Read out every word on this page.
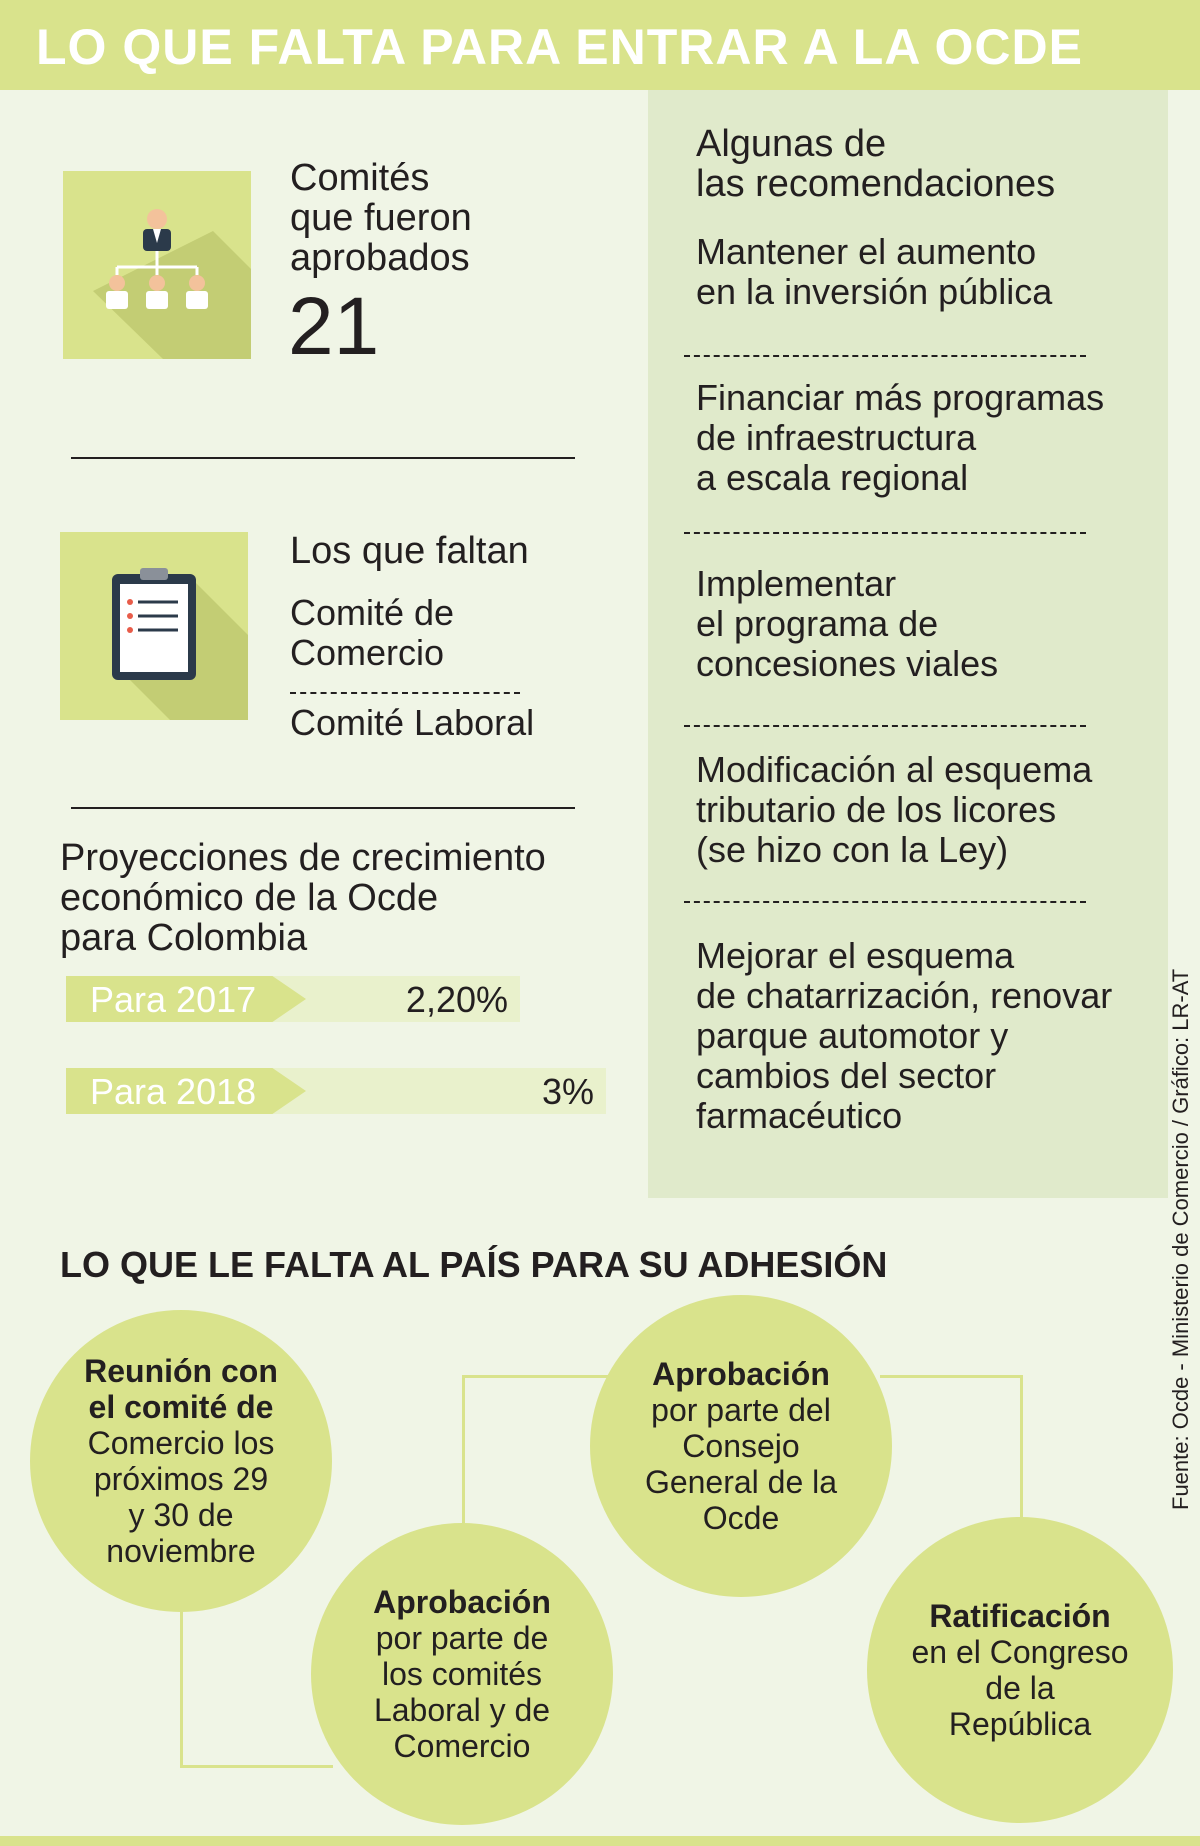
LO QUE FALTA PARA ENTRAR A LA OCDE
Comités
que fueron
aprobados
21
Los que faltan
Comité de
Comercio
Comité Laboral
Proyecciones de crecimiento
económico de la Ocde
para Colombia
Para 2017	2,20%
Para 2018	3%
Algunas de
las recomendaciones
Mantener el aumento
en la inversión pública
Financiar más programas
de infraestructura
a escala regional
Implementar
el programa de
concesiones viales
Modificación al esquema
tributario de los licores
(se hizo con la Ley)
Mejorar el esquema
de chatarrización, renovar
parque automotor y
cambios del sector
farmacéutico
LO QUE LE FALTA AL PAÍS PARA SU ADHESIÓN
Reunión con
el comité de
Comercio los
próximos 29
y 30 de
noviembre
Aprobación
por parte de
los comités
Laboral y de
Comercio
Aprobación
por parte del
Consejo
General de la
Ocde
Ratificación
en el Congreso
de la
República
Fuente: Ocde - Ministerio de Comercio / Gráfico: LR-AT
